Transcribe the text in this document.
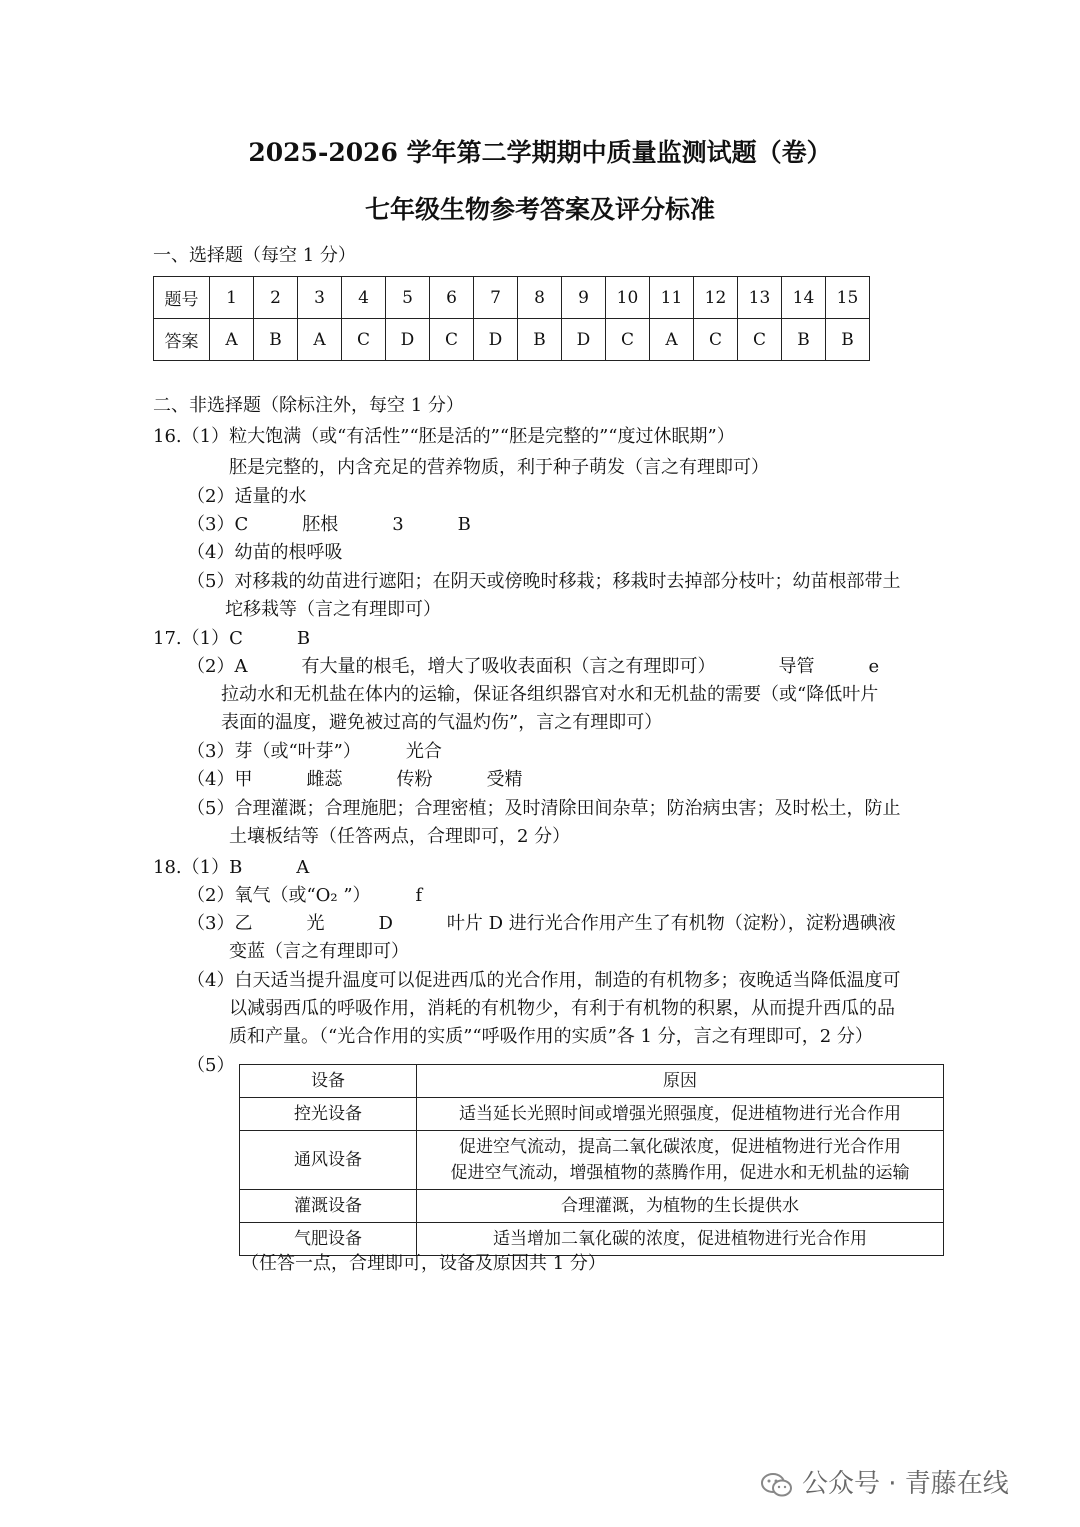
2025-2026 学年第二学期期中质量监测试题（卷）
七年级生物参考答案及评分标准
一、选择题（每空 1 分）
题号	1	2	3	4	5	6	7	8	9	10	11	12	13	14	15
答案	A	B	A	C	D	C	D	B	D	C	A	C	C	B	B
二、非选择题（除标注外，每空 1 分）
16.（1）粒大饱满（或“有活性”“胚是活的”“胚是完整的”“度过休眠期”）
胚是完整的，内含充足的营养物质，利于种子萌发（言之有理即可）
（2）适量的水
（3）C　　　胚根　　　3　　　B
（4）幼苗的根呼吸
（5）对移栽的幼苗进行遮阳；在阴天或傍晚时移栽；移栽时去掉部分枝叶；幼苗根部带土
坨移栽等（言之有理即可）
17.（1）C　　　B
（2）A　　　有大量的根毛，增大了吸收表面积（言之有理即可）　　　　导管　　　e
拉动水和无机盐在体内的运输，保证各组织器官对水和无机盐的需要（或“降低叶片
表面的温度，避免被过高的气温灼伤”，言之有理即可）
（3）芽（或“叶芽”）　　　光合
（4）甲　　　雌蕊　　　传粉　　　受精
（5）合理灌溉；合理施肥；合理密植；及时清除田间杂草；防治病虫害；及时松土，防止
土壤板结等（任答两点，合理即可，2 分）
18.（1）B　　　A
（2）氧气（或“O₂ ”）　　　f
（3）乙　　　光　　　D　　　叶片 D 进行光合作用产生了有机物（淀粉），淀粉遇碘液
变蓝（言之有理即可）
（4）白天适当提升温度可以促进西瓜的光合作用，制造的有机物多；夜晚适当降低温度可
以减弱西瓜的呼吸作用，消耗的有机物少，有利于有机物的积累，从而提升西瓜的品
质和产量。（“光合作用的实质”“呼吸作用的实质”各 1 分，言之有理即可，2 分）
（5）
设备	原因
控光设备	适当延长光照时间或增强光照强度，促进植物进行光合作用
通风设备	促进空气流动，提高二氧化碳浓度，促进植物进行光合作用
促进空气流动，增强植物的蒸腾作用，促进水和无机盐的运输

灌溉设备	合理灌溉，为植物的生长提供水
气肥设备	适当增加二氧化碳的浓度，促进植物进行光合作用
（任答一点，合理即可，设备及原因共 1 分）
公众号 · 青藤在线
